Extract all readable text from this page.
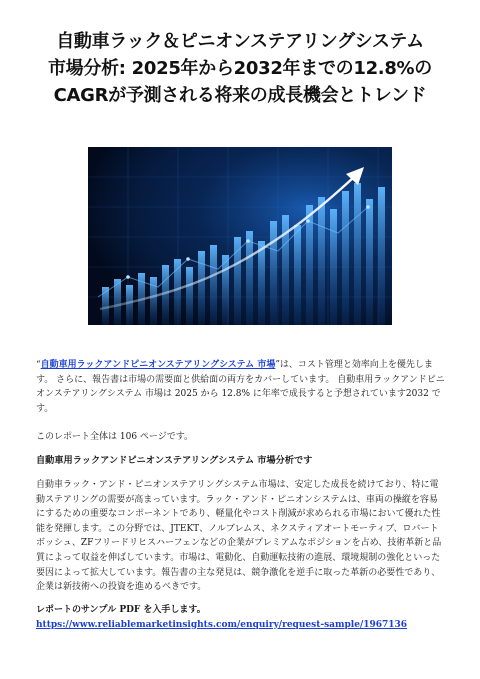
自動車ラック＆ピニオンステアリングシステム
市場分析: 2025年から2032年までの12.8%の
CAGRが予測される将来の成長機会とトレンド
“自動車用ラックアンドピニオンステアリングシステム 市場”は、コスト管理と効率向上を優先します。 さらに、報告書は市場の需要面と供給面の両方をカバーしています。 自動車用ラックアンドピニオンステアリングシステム 市場は 2025 から 12.8% に年率で成長すると予想されています2032 です。
このレポート全体は 106 ページです。
自動車用ラックアンドピニオンステアリングシステム 市場分析です
自動車ラック・アンド・ピニオンステアリングシステム市場は、安定した成長を続けており、特に電動ステアリングの需要が高まっています。ラック・アンド・ピニオンシステムは、車両の操縦を容易にするための重要なコンポーネントであり、軽量化やコスト削減が求められる市場において優れた性能を発揮します。この分野では、JTEKT、ノルブレムス、ネクスティアオートモーティブ、ロバートボッシュ、ZFフリードリヒスハーフェンなどの企業がプレミアムなポジションを占め、技術革新と品質によって収益を伸ばしています。市場は、電動化、自動運転技術の進展、環境規制の強化といった要因によって拡大しています。報告書の主な発見は、競争激化を逆手に取った革新の必要性であり、企業は新技術への投資を進めるべきです。
レポートのサンプル PDF を入手します。 https://www.reliablemarketinsights.com/enquiry/request-sample/1967136
